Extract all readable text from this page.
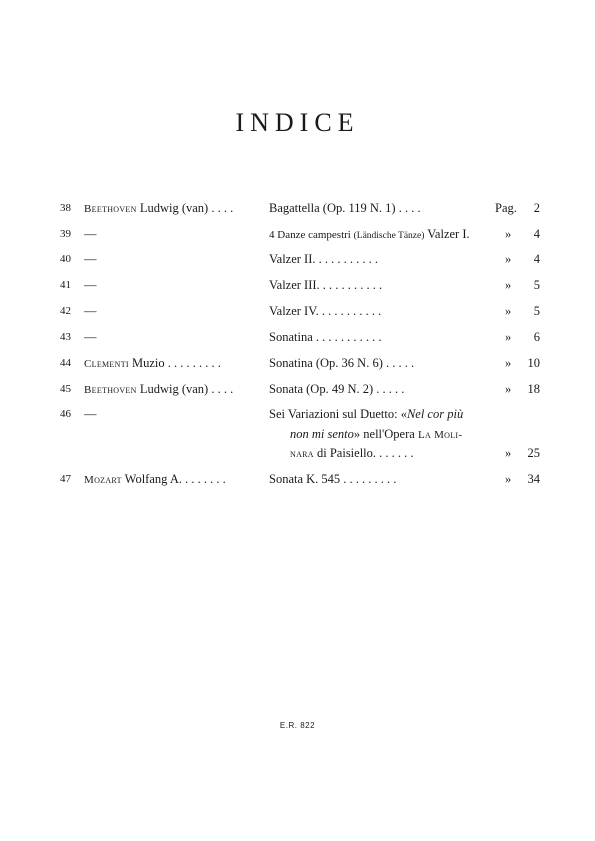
INDICE
38 Beethoven Ludwig (van) . . . .	Bagattella (Op. 119 N. 1) . . . .	Pag. 2
39 —	4 Danze campestri (Ländische Tänze) Valzer I.	» 4
40 —	Valzer II. . . . . . . . . . .	» 4
41 —	Valzer III. . . . . . . . . . .	» 5
42 —	Valzer IV. . . . . . . . . . .	» 5
43 —	Sonatina . . . . . . . . . . .	» 6
44 Clementi Muzio . . . . . . . . .	Sonatina (Op. 36 N. 6) . . . . .	» 10
45 Beethoven Ludwig (van) . . . .	Sonata (Op. 49 N. 2) . . . . .	» 18
46 —	Sei Variazioni sul Duetto: «Nel cor più
non mi sento» nell'Opera La Moli-
nara di Paisiello. . . . . . .	» 25
47 Mozart Wolfang A. . . . . . . .	Sonata K. 545 . . . . . . . . .	» 34
E.R. 822
